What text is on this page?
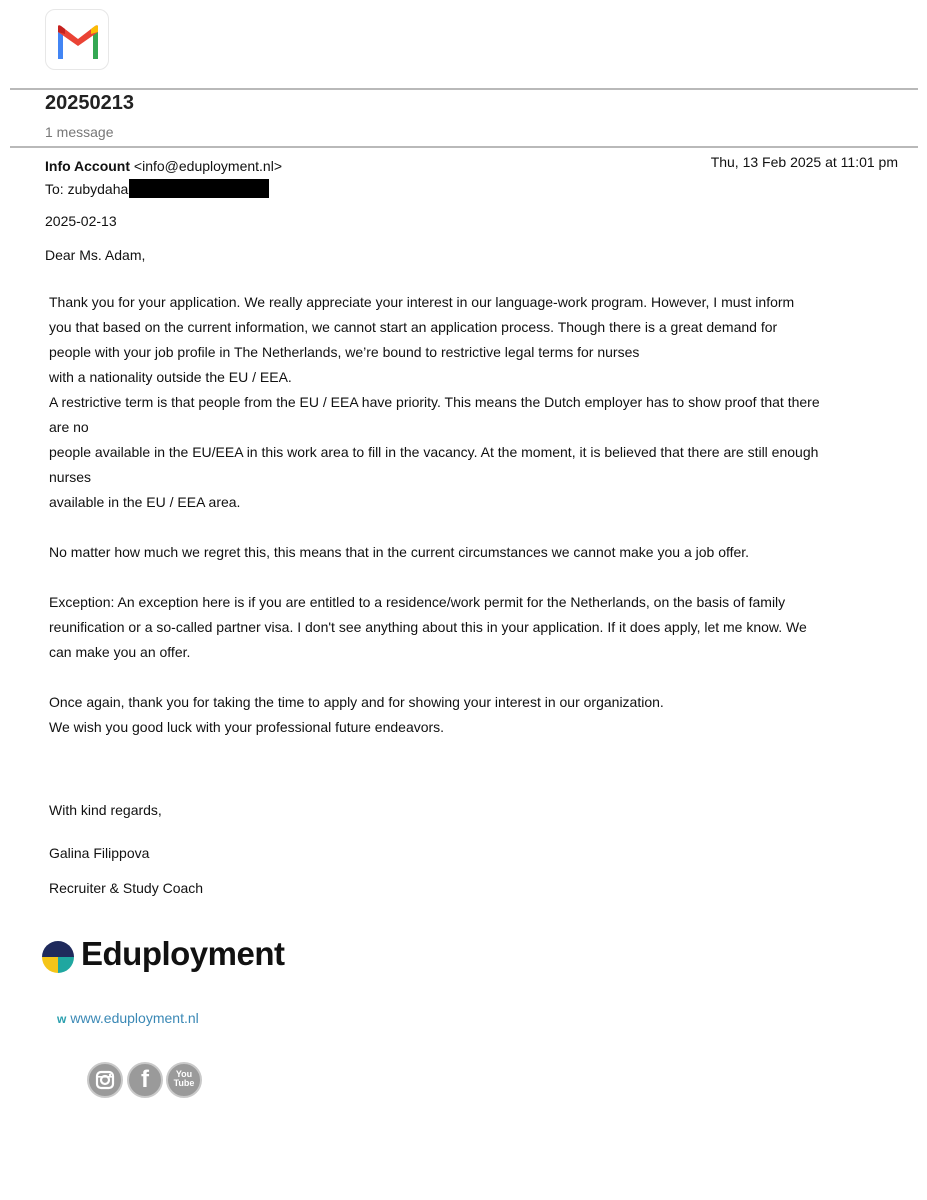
20250213
1 message
Info Account <info@eduployment.nl>	Thu, 13 Feb 2025 at 11:01 pm
To: zubydaha
2025-02-13
Dear Ms. Adam,
Thank you for your application. We really appreciate your interest in our language-work program. However, I must inform
you that based on the current information, we cannot start an application process. Though there is a great demand for
people with your job profile in The Netherlands, we’re bound to restrictive legal terms for nurses
with a nationality outside the EU / EEA.
A restrictive term is that people from the EU / EEA have priority. This means the Dutch employer has to show proof that there
are no
people available in the EU/EEA in this work area to fill in the vacancy. At the moment, it is believed that there are still enough
nurses
available in the EU / EEA area.
No matter how much we regret this, this means that in the current circumstances we cannot make you a job offer.
Exception: An exception here is if you are entitled to a residence/work permit for the Netherlands, on the basis of family
reunification or a so-called partner visa. I don't see anything about this in your application. If it does apply, let me know. We
can make you an offer.
Once again, thank you for taking the time to apply and for showing your interest in our organization.
We wish you good luck with your professional future endeavors.
With kind regards,
Galina Filippova
Recruiter & Study Coach
Eduployment
w www.eduployment.nl
f	You
Tube
